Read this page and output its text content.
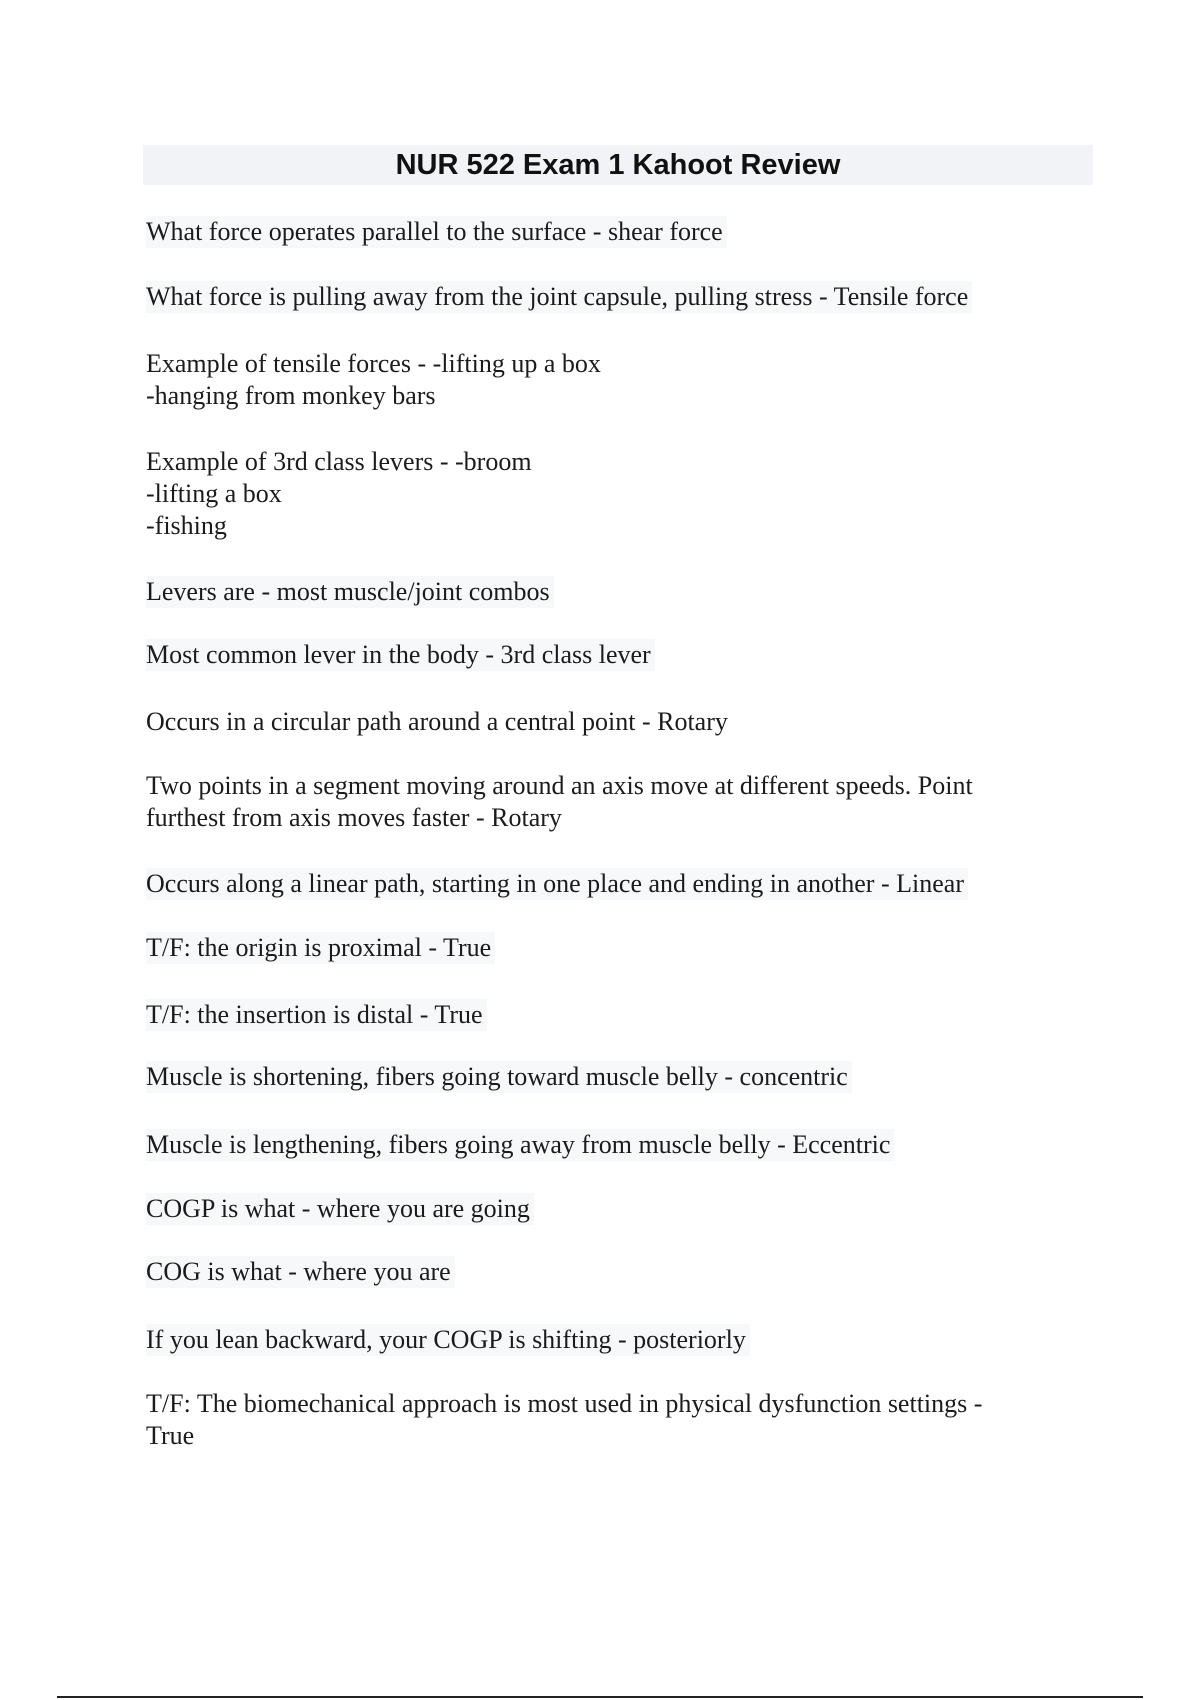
NUR 522 Exam 1 Kahoot Review

What force operates parallel to the surface - shear force

What force is pulling away from the joint capsule, pulling stress - Tensile force

Example of tensile forces - -lifting up a box
-hanging from monkey bars

Example of 3rd class levers - -broom
-lifting a box
-fishing

Levers are - most muscle/joint combos

Most common lever in the body - 3rd class lever

Occurs in a circular path around a central point - Rotary

Two points in a segment moving around an axis move at different speeds. Point
furthest from axis moves faster - Rotary

Occurs along a linear path, starting in one place and ending in another - Linear

T/F: the origin is proximal - True

T/F: the insertion is distal - True

Muscle is shortening, fibers going toward muscle belly - concentric

Muscle is lengthening, fibers going away from muscle belly - Eccentric

COGP is what - where you are going

COG is what - where you are

If you lean backward, your COGP is shifting - posteriorly

T/F: The biomechanical approach is most used in physical dysfunction settings -
True
